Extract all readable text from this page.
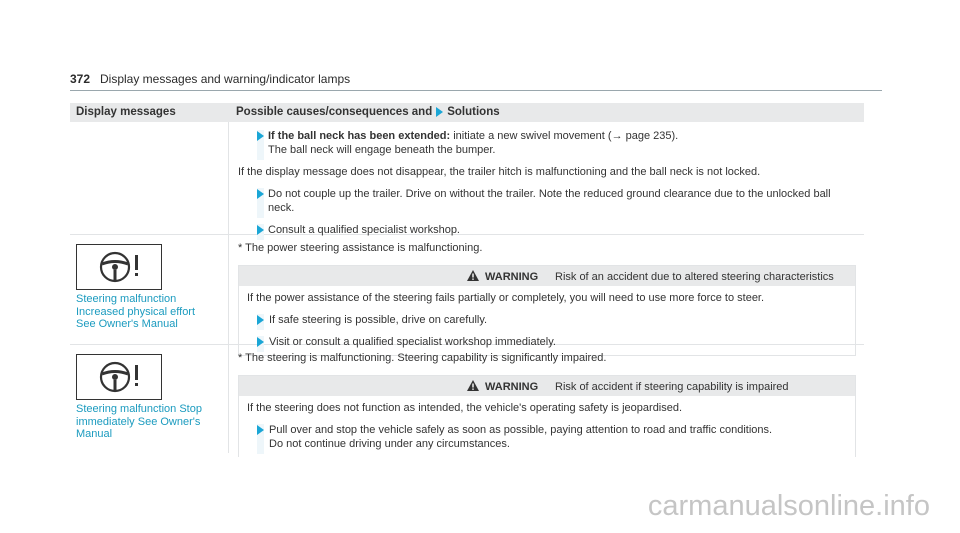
372 Display messages and warning/indicator lamps
Display messages	Possible causes/consequences and Solutions
If the ball neck has been extended: initiate a new swivel movement (→ page 235).
The ball neck will engage beneath the bumper.
If the display message does not disappear, the trailer hitch is malfunctioning and the ball neck is not locked.
Do not couple up the trailer. Drive on without the trailer. Note the reduced ground clearance due to the unlocked ball neck.
Consult a qualified specialist workshop.
Steering malfunction
Increased physical effort
See Owner's Manual
* The power steering assistance is malfunctioning.
WARNING Risk of an accident due to altered steering characteristics
If the power assistance of the steering fails partially or completely, you will need to use more force to steer.
If safe steering is possible, drive on carefully.
Visit or consult a qualified specialist workshop immediately.
Steering malfunction Stop
immediately See Owner's
Manual
* The steering is malfunctioning. Steering capability is significantly impaired.
WARNING Risk of accident if steering capability is impaired
If the steering does not function as intended, the vehicle's operating safety is jeopardised.
Pull over and stop the vehicle safely as soon as possible, paying attention to road and traffic conditions.
Do not continue driving under any circumstances.
carmanualsonline.info
